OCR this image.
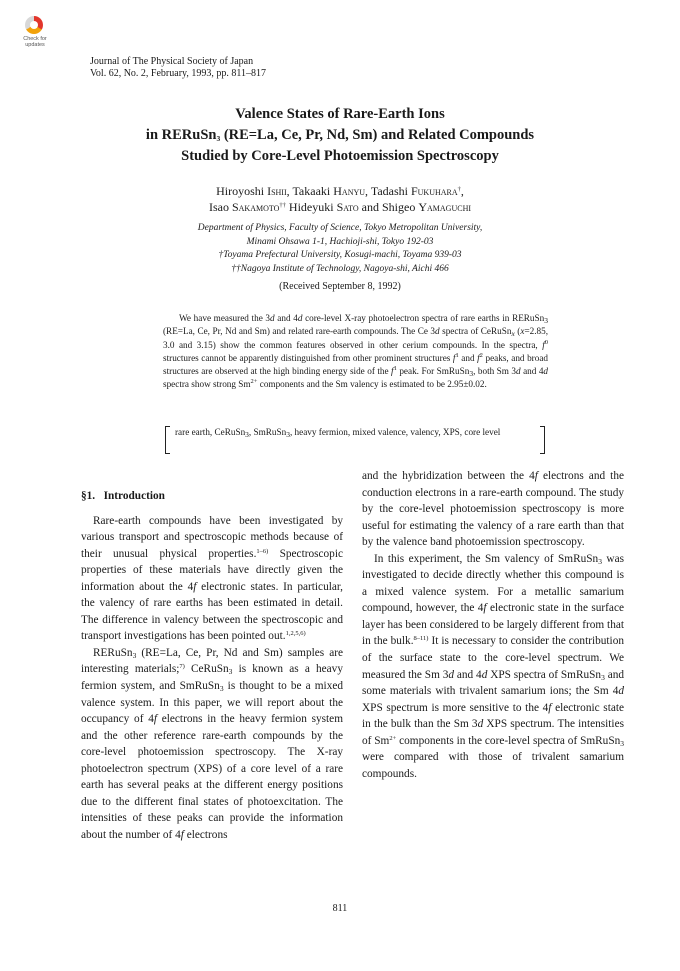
Check for updates
Journal of The Physical Society of Japan
Vol. 62, No. 2, February, 1993, pp. 811–817
Valence States of Rare-Earth Ions
in RERuSn$_3$ (RE=La, Ce, Pr, Nd, Sm) and Related Compounds
Studied by Core-Level Photoemission Spectroscopy
Hiroyoshi Ishii, Takaaki Hanyu, Tadashi Fukuhara†,
Isao Sakamoto†† Hideyuki Sato and Shigeo Yamaguchi
Department of Physics, Faculty of Science, Tokyo Metropolitan University,
Minami Ohsawa 1-1, Hachioji-shi, Tokyo 192-03
†Toyama Prefectural University, Kosugi-machi, Toyama 939-03
††Nagoya Institute of Technology, Nagoya-shi, Aichi 466
(Received September 8, 1992)

We have measured the 3d and 4d core-level X-ray photoelectron spectra of rare earths in RERuSn$_3$ (RE=La, Ce, Pr, Nd and Sm) and related rare-earth compounds. The Ce 3d spectra of CeRuSn$_x$ (x=2.85, 3.0 and 3.15) show the common features observed in other cerium compounds. In the spectra, $f^0$ structures cannot be apparently distinguished from other prominent structures $f^1$ and $f^2$ peaks, and broad structures are observed at the high binding energy side of the $f^1$ peak. For SmRuSn$_3$, both Sm 3d and 4d spectra show strong $Sm^{2+}$ components and the Sm valency is estimated to be 2.95±0.02.

rare earth, CeRuSn$_3$, SmRuSn$_3$, heavy fermion, mixed valence, valency, XPS, core level

§1. Introduction

Rare-earth compounds have been investigated by various transport and spectroscopic methods because of their unusual physical properties.$^{1-6)}$ Spectroscopic properties of these materials have directly given the information about the 4f electronic states. In particular, the valency of rare earths has been estimated in detail. The difference in valency between the spectroscopic and transport investigations has been pointed out.$^{1,2,5,6)}$

RERuSn$_3$ (RE=La, Ce, Pr, Nd and Sm) samples are interesting materials;$^{7)}$ CeRuSn$_3$ is known as a heavy fermion system, and SmRuSn$_3$ is thought to be a mixed valence system. In this paper, we will report about the occupancy of 4f electrons in the heavy fermion system and the other reference rare-earth compounds by the core-level photoemission spectroscopy. The X-ray photoelectron spectrum (XPS) of a core level of a rare earth has several peaks at the different energy positions due to the different final states of photoexcitation. The intensities of these peaks can provide the information about the number of 4f electrons

and the hybridization between the 4f electrons and the conduction electrons in a rare-earth compound. The study by the core-level photoemission spectroscopy is more useful for estimating the valency of a rare earth than that by the valence band photoemission spectroscopy.

In this experiment, the Sm valency of SmRuSn$_3$ was investigated to decide directly whether this compound is a mixed valence system. For a metallic samarium compound, however, the 4f electronic state in the surface layer has been considered to be largely different from that in the bulk.$^{8-11)}$ It is necessary to consider the contribution of the surface state to the core-level spectrum. We measured the Sm 3d and 4d XPS spectra of SmRuSn$_3$ and some materials with trivalent samarium ions; the Sm 4d XPS spectrum is more sensitive to the 4f electronic state in the bulk than the Sm 3d XPS spectrum. The intensities of $Sm^{2+}$ components in the core-level spectra of SmRuSn$_3$ were compared with those of trivalent samarium compounds.

811
